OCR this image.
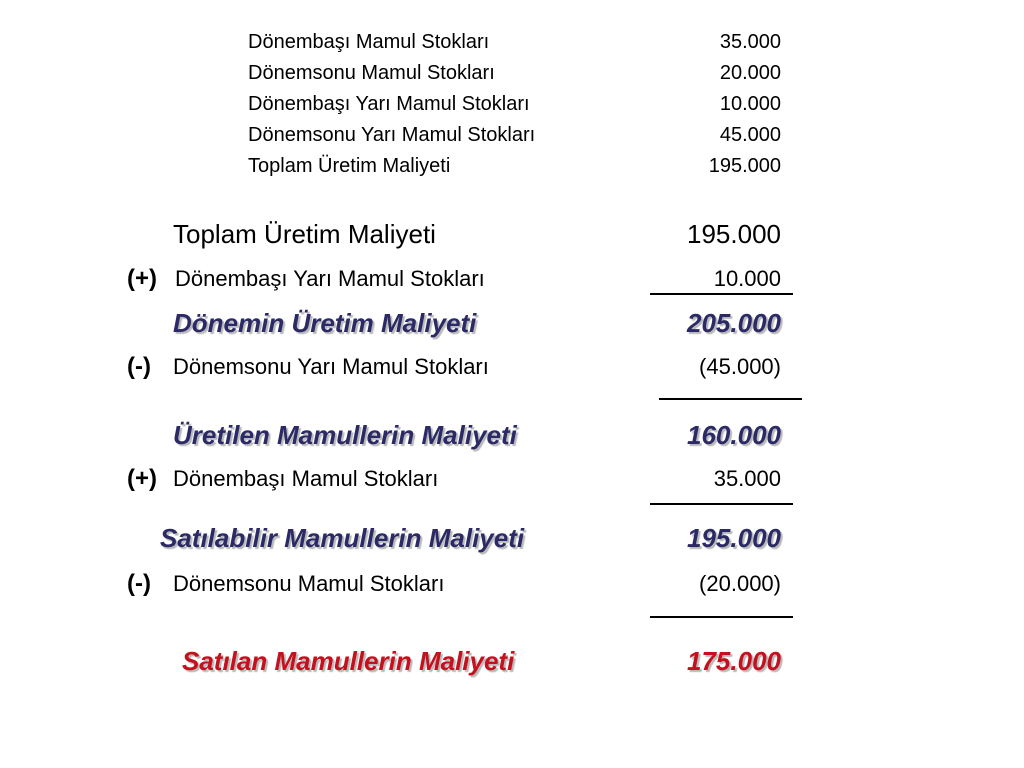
Dönembaşı Mamul Stokları	35.000
Dönemsonu Mamul Stokları	20.000
Dönembaşı Yarı Mamul Stokları	10.000
Dönemsonu Yarı Mamul Stokları	45.000
Toplam Üretim Maliyeti	195.000
Toplam Üretim Maliyeti	195.000
(+) Dönembaşı Yarı Mamul Stokları	10.000
Dönemin Üretim Maliyeti	205.000
(-) Dönemsonu Yarı Mamul Stokları	(45.000)
Üretilen Mamullerin Maliyeti	160.000
(+) Dönembaşı Mamul Stokları	35.000
Satılabilir Mamullerin Maliyeti	195.000
(-) Dönemsonu Mamul Stokları	(20.000)
Satılan Mamullerin Maliyeti	175.000
